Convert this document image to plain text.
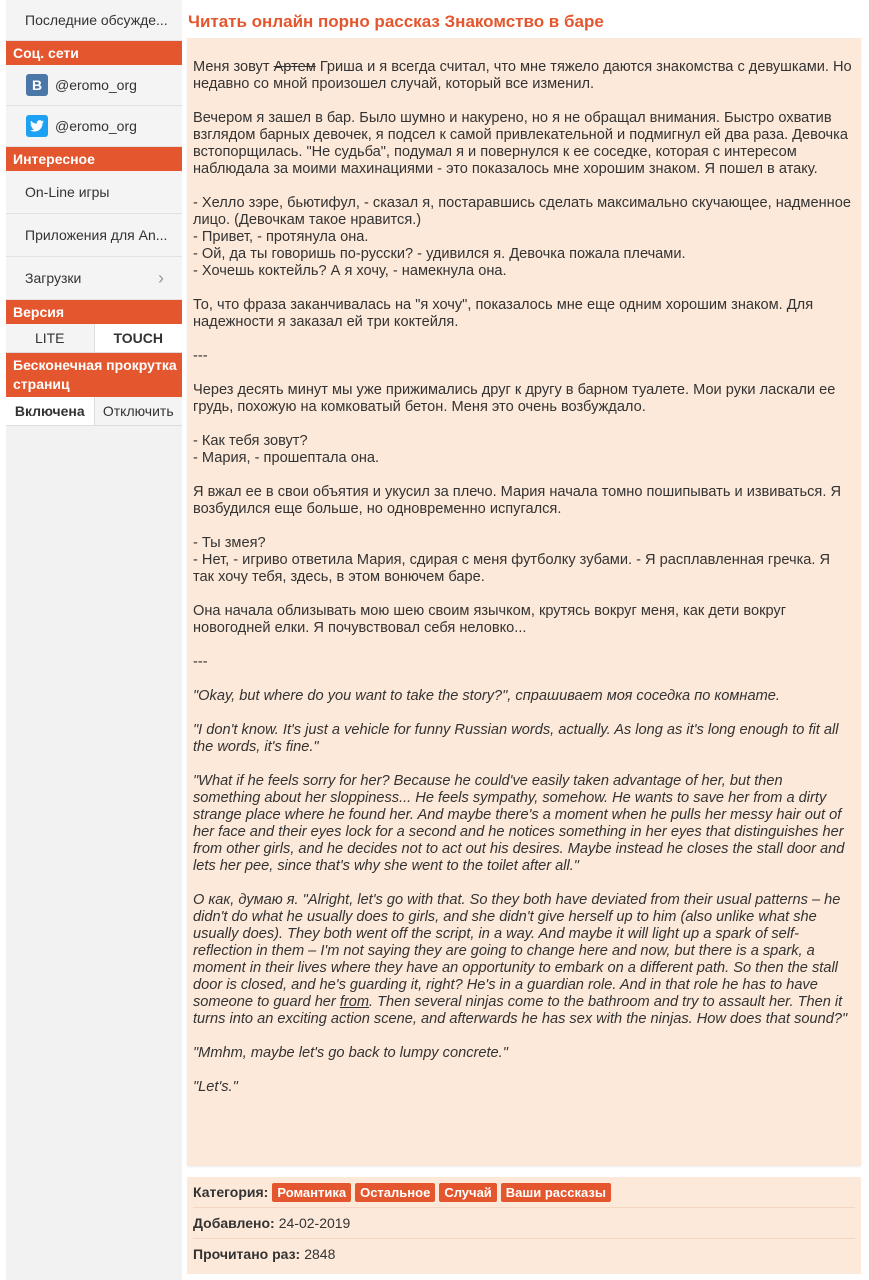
Последние обсужде...
Соц. сети
B @eromo_org
@eromo_org
Интересное
On-Line игры
Приложения для An...
Загрузки	›
Версия
LITE	TOUCH
Бесконечная прокрутка страниц
Включена	Отключить
Читать онлайн порно рассказ Знакомство в баре

Меня зовут Артем Гриша и я всегда считал, что мне тяжело даются знакомства с девушками. Но недавно со мной произошел случай, который все изменил.

Вечером я зашел в бар. Было шумно и накурено, но я не обращал внимания. Быстро охватив взглядом барных девочек, я подсел к самой привлекательной и подмигнул ей два раза. Девочка встопорщилась. "Не судьба", подумал я и повернулся к ее соседке, которая с интересом наблюдала за моими махинациями - это показалось мне хорошим знаком. Я пошел в атаку.

- Хелло зэре, бьютифул, - сказал я, постаравшись сделать максимально скучающее, надменное лицо. (Девочкам такое нравится.)
- Привет, - протянула она.
- Ой, да ты говоришь по-русски? - удивился я. Девочка пожала плечами.
- Хочешь коктейль? А я хочу, - намекнула она.

То, что фраза заканчивалась на "я хочу", показалось мне еще одним хорошим знаком. Для надежности я заказал ей три коктейля.

---

Через десять минут мы уже прижимались друг к другу в барном туалете. Мои руки ласкали ее грудь, похожую на комковатый бетон. Меня это очень возбуждало.

- Как тебя зовут?
- Мария, - прошептала она.

Я вжал ее в свои объятия и укусил за плечо. Мария начала томно пошипывать и извиваться. Я возбудился еще больше, но одновременно испугался.

- Ты змея?
- Нет, - игриво ответила Мария, сдирая с меня футболку зубами. - Я расплавленная гречка. Я так хочу тебя, здесь, в этом вонючем баре.

Она начала облизывать мою шею своим язычком, крутясь вокруг меня, как дети вокруг новогодней елки. Я почувствовал себя неловко...

---

"Okay, but where do you want to take the story?", спрашивает моя соседка по комнате.

"I don't know. It's just a vehicle for funny Russian words, actually. As long as it's long enough to fit all the words, it's fine."

"What if he feels sorry for her? Because he could've easily taken advantage of her, but then something about her sloppiness... He feels sympathy, somehow. He wants to save her from a dirty strange place where he found her. And maybe there's a moment when he pulls her messy hair out of her face and their eyes lock for a second and he notices something in her eyes that distinguishes her from other girls, and he decides not to act out his desires. Maybe instead he closes the stall door and lets her pee, since that's why she went to the toilet after all."

О как, думаю я. "Alright, let's go with that. So they both have deviated from their usual patterns – he didn't do what he usually does to girls, and she didn't give herself up to him (also unlike what she usually does). They both went off the script, in a way. And maybe it will light up a spark of self-reflection in them – I'm not saying they are going to change here and now, but there is a spark, a moment in their lives where they have an opportunity to embark on a different path. So then the stall door is closed, and he's guarding it, right? He's in a guardian role. And in that role he has to have someone to guard her from. Then several ninjas come to the bathroom and try to assault her. Then it turns into an exciting action scene, and afterwards he has sex with the ninjas. How does that sound?"

"Mmhm, maybe let's go back to lumpy concrete."

"Let's."

Категория: Романтика	Остальное	Случай	Ваши рассказы
Добавлено: 24-02-2019
Прочитано раз: 2848
